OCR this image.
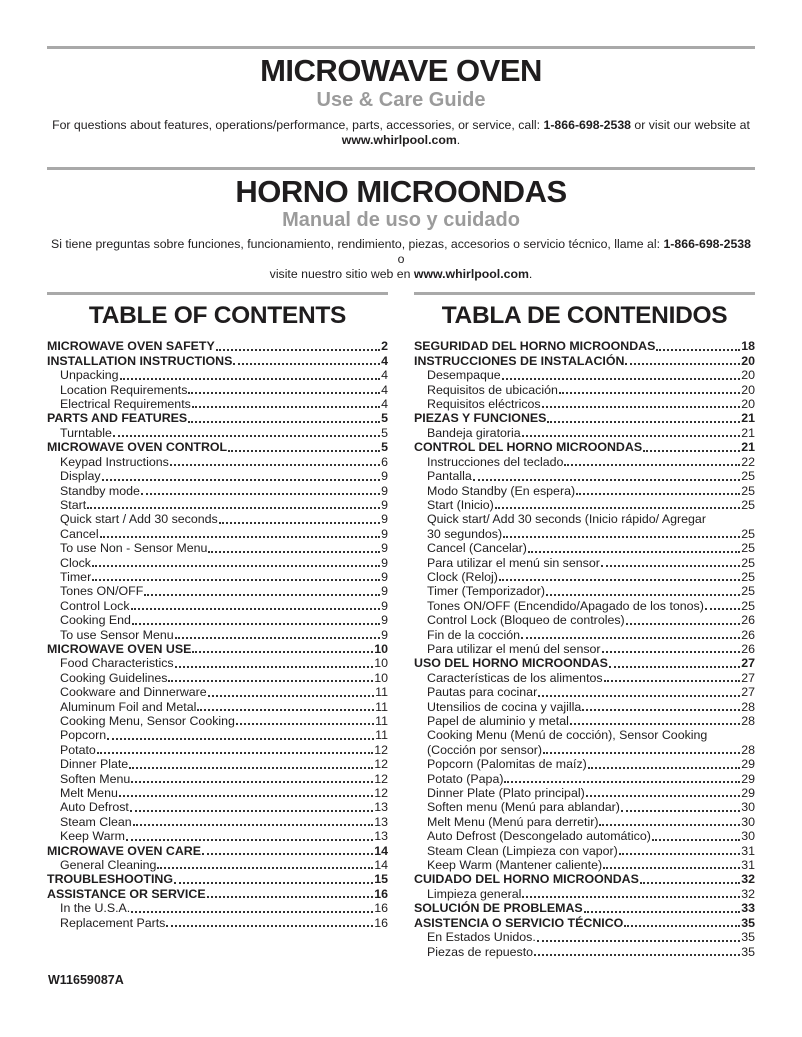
MICROWAVE OVEN
Use & Care Guide

For questions about features, operations/performance, parts, accessories, or service, call: 1-866-698-2538 or visit our website at
www.whirlpool.com.

HORNO MICROONDAS
Manual de uso y cuidado

Si tiene preguntas sobre funciones, funcionamiento, rendimiento, piezas, accesorios o servicio técnico, llame al: 1-866-698-2538 o
visite nuestro sitio web en www.whirlpool.com.

TABLE OF CONTENTS
MICROWAVE OVEN SAFETY	2
INSTALLATION INSTRUCTIONS	4
Unpacking	4
Location Requirements	4
Electrical Requirements	4
PARTS AND FEATURES	5
Turntable	5
MICROWAVE OVEN CONTROL	5
Keypad Instructions	6
Display	9
Standby mode	9
Start	9
Quick start / Add 30 seconds	9
Cancel	9
To use Non - Sensor Menu	9
Clock	9
Timer	9
Tones ON/OFF	9
Control Lock	9
Cooking End	9
To use Sensor Menu	9
MICROWAVE OVEN USE	10
Food Characteristics	10
Cooking Guidelines	10
Cookware and Dinnerware	11
Aluminum Foil and Metal	11
Cooking Menu, Sensor Cooking	11
Popcorn	11
Potato	12
Dinner Plate	12
Soften Menu	12
Melt Menu	12
Auto Defrost	13
Steam Clean	13
Keep Warm	13
MICROWAVE OVEN CARE	14
General Cleaning	14
TROUBLESHOOTING	15
ASSISTANCE OR SERVICE	16
In the U.S.A.	16
Replacement Parts	16
TABLA DE CONTENIDOS
SEGURIDAD DEL HORNO MICROONDAS	18
INSTRUCCIONES DE INSTALACIÓN	20
Desempaque	20
Requisitos de ubicación	20
Requisitos eléctricos	20
PIEZAS Y FUNCIONES	21
Bandeja giratoria	21
CONTROL DEL HORNO MICROONDAS	21
Instrucciones del teclado	22
Pantalla	25
Modo Standby (En espera)	25
Start (Inicio)	25
Quick start/ Add 30 seconds (Inicio rápido/ Agregar
30 segundos)	25
Cancel (Cancelar)	25
Para utilizar el menú sin sensor	25
Clock (Reloj)	25
Timer (Temporizador)	25
Tones ON/OFF (Encendido/Apagado de los tonos)	25
Control Lock (Bloqueo de controles)	26
Fin de la cocción	26
Para utilizar el menú del sensor	26
USO DEL HORNO MICROONDAS	27
Características de los alimentos	27
Pautas para cocinar	27
Utensilios de cocina y vajilla	28
Papel de aluminio y metal	28
Cooking Menu (Menú de cocción), Sensor Cooking
(Cocción por sensor)	28
Popcorn (Palomitas de maíz)	29
Potato (Papa)	29
Dinner Plate (Plato principal)	29
Soften menu (Menú para ablandar)	30
Melt Menu (Menú para derretir)	30
Auto Defrost (Descongelado automático)	30
Steam Clean (Limpieza con vapor)	31
Keep Warm (Mantener caliente)	31
CUIDADO DEL HORNO MICROONDAS	32
Limpieza general	32
SOLUCIÓN DE PROBLEMAS	33
ASISTENCIA O SERVICIO TÉCNICO	35
En Estados Unidos.	35
Piezas de repuesto	35
W11659087A
